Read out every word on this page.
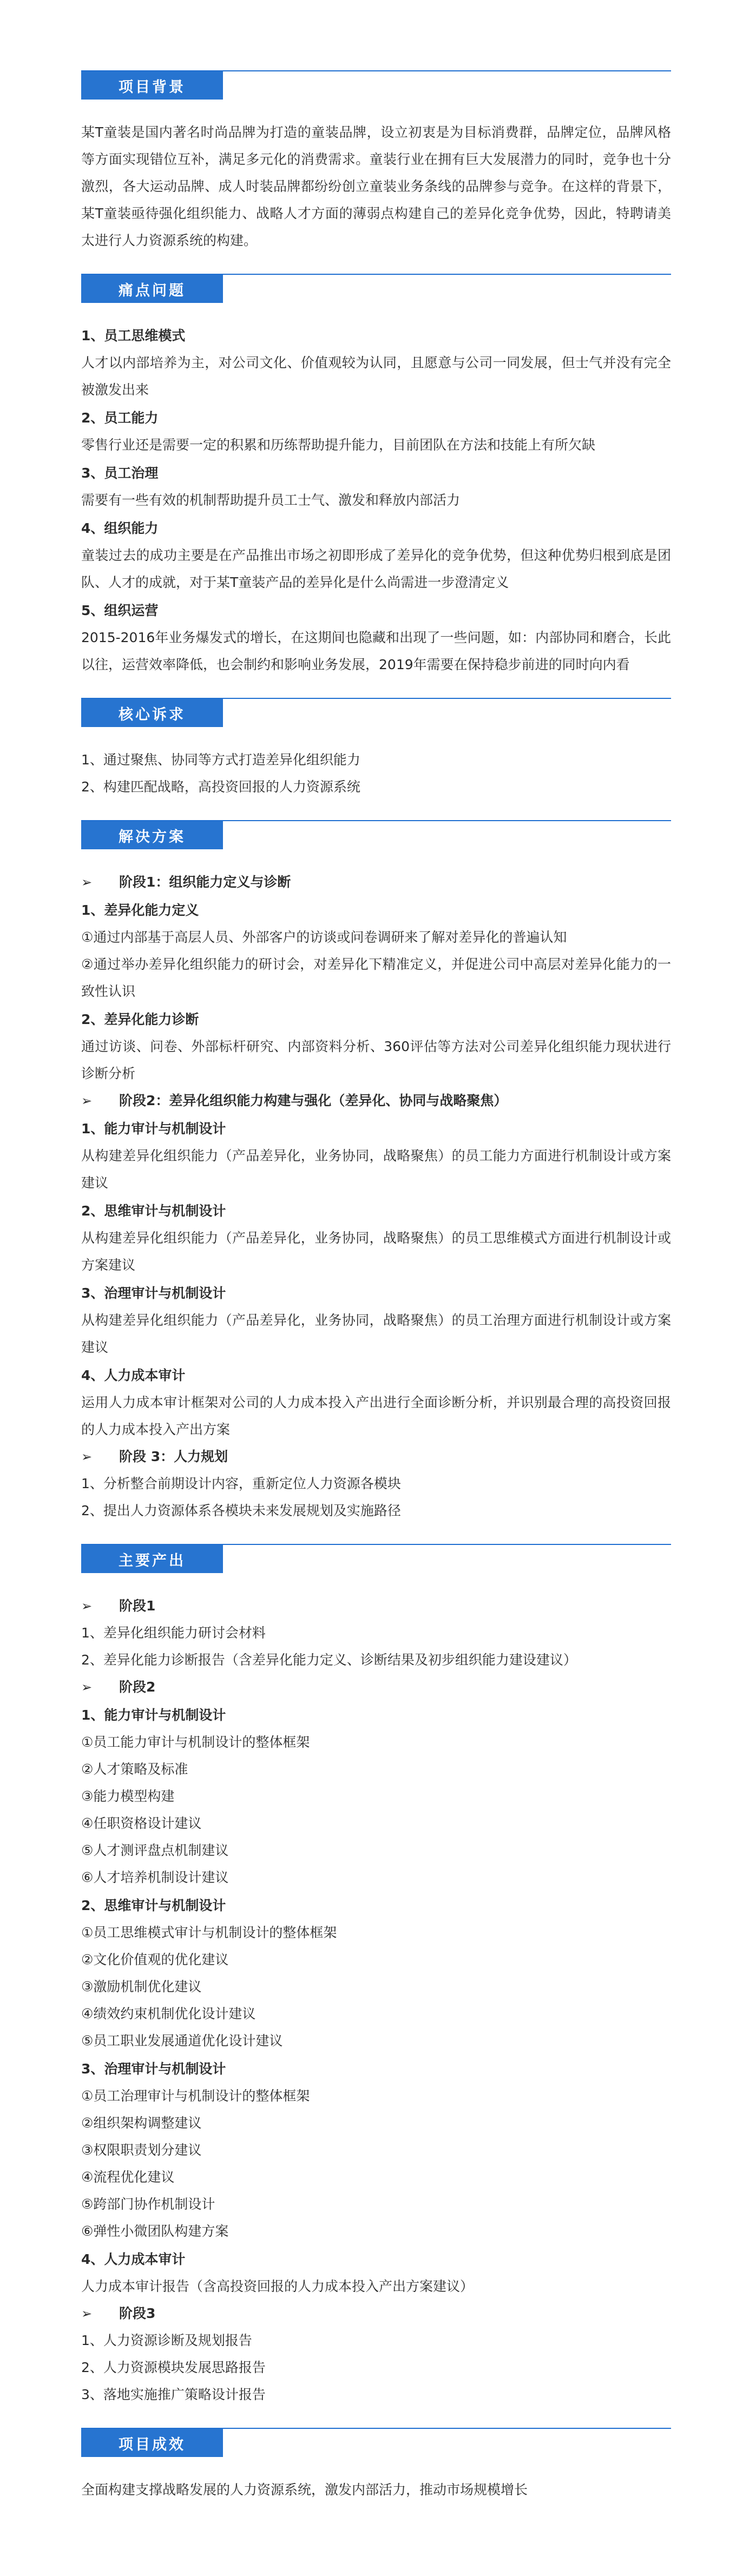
项目背景

某T童装是国内著名时尚品牌为打造的童装品牌，设立初衷是为目标消费群，品牌定位，品牌风格等方面实现错位互补，满足多元化的消费需求。童装行业在拥有巨大发展潜力的同时，竞争也十分激烈，各大运动品牌、成人时装品牌都纷纷创立童装业务条线的品牌参与竞争。在这样的背景下，某T童装亟待强化组织能力、战略人才方面的薄弱点构建自己的差异化竞争优势，因此，特聘请美太进行人力资源系统的构建。

痛点问题

1、员工思维模式

人才以内部培养为主，对公司文化、价值观较为认同，且愿意与公司一同发展，但士气并没有完全被激发出来

2、员工能力

零售行业还是需要一定的积累和历练帮助提升能力，目前团队在方法和技能上有所欠缺

3、员工治理

需要有一些有效的机制帮助提升员工士气、激发和释放内部活力

4、组织能力

童装过去的成功主要是在产品推出市场之初即形成了差异化的竞争优势，但这种优势归根到底是团队、人才的成就，对于某T童装产品的差异化是什么尚需进一步澄清定义

5、组织运营

2015-2016年业务爆发式的增长，在这期间也隐藏和出现了一些问题，如：内部协同和磨合，长此以往，运营效率降低，也会制约和影响业务发展，2019年需要在保持稳步前进的同时向内看

核心诉求

1、通过聚焦、协同等方式打造差异化组织能力

2、构建匹配战略，高投资回报的人力资源系统

解决方案
➢	阶段1：组织能力定义与诊断

1、差异化能力定义

①通过内部基于高层人员、外部客户的访谈或问卷调研来了解对差异化的普遍认知

②通过举办差异化组织能力的研讨会，对差异化下精准定义，并促进公司中高层对差异化能力的一致性认识

2、差异化能力诊断

通过访谈、问卷、外部标杆研究、内部资料分析、360评估等方法对公司差异化组织能力现状进行诊断分析

➢	阶段2：差异化组织能力构建与强化（差异化、协同与战略聚焦）

1、能力审计与机制设计

从构建差异化组织能力（产品差异化，业务协同，战略聚焦）的员工能力方面进行机制设计或方案建议

2、思维审计与机制设计

从构建差异化组织能力（产品差异化，业务协同，战略聚焦）的员工思维模式方面进行机制设计或方案建议

3、治理审计与机制设计

从构建差异化组织能力（产品差异化，业务协同，战略聚焦）的员工治理方面进行机制设计或方案建议

4、人力成本审计

运用人力成本审计框架对公司的人力成本投入产出进行全面诊断分析，并识别最合理的高投资回报的人力成本投入产出方案

➢	阶段 3：人力规划

1、分析整合前期设计内容，重新定位人力资源各模块

2、提出人力资源体系各模块未来发展规划及实施路径

主要产出
➢	阶段1

1、差异化组织能力研讨会材料

2、差异化能力诊断报告（含差异化能力定义、诊断结果及初步组织能力建设建议）

➢	阶段2

1、能力审计与机制设计

①员工能力审计与机制设计的整体框架

②人才策略及标准

③能力模型构建

④任职资格设计建议

⑤人才测评盘点机制建议

⑥人才培养机制设计建议

2、思维审计与机制设计

①员工思维模式审计与机制设计的整体框架

②文化价值观的优化建议

③激励机制优化建议

④绩效约束机制优化设计建议

⑤员工职业发展通道优化设计建议

3、治理审计与机制设计

①员工治理审计与机制设计的整体框架

②组织架构调整建议

③权限职责划分建议

④流程优化建议

⑤跨部门协作机制设计

⑥弹性小微团队构建方案

4、人力成本审计

人力成本审计报告（含高投资回报的人力成本投入产出方案建议）

➢	阶段3

1、人力资源诊断及规划报告

2、人力资源模块发展思路报告

3、落地实施推广策略设计报告

项目成效

全面构建支撑战略发展的人力资源系统，激发内部活力，推动市场规模增长
